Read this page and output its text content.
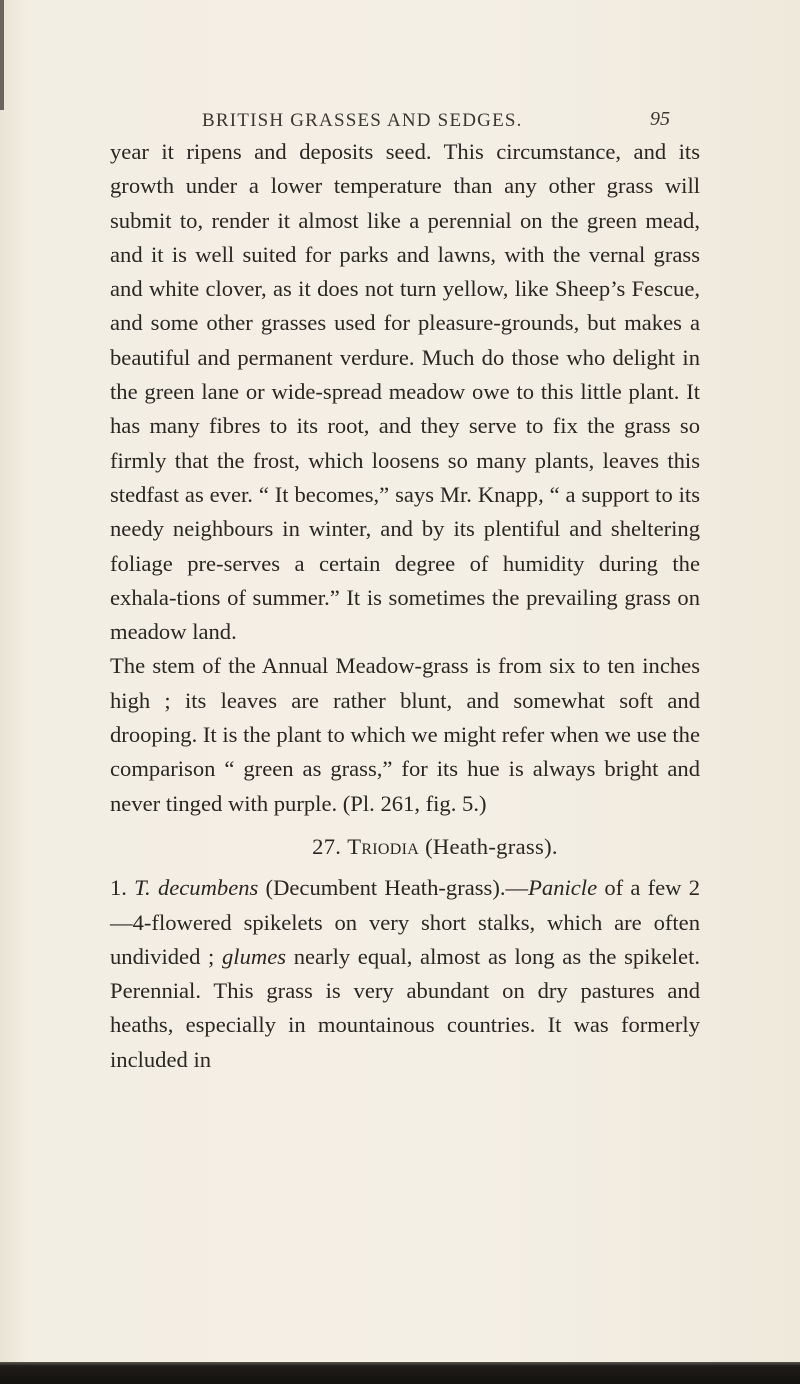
BRITISH GRASSES AND SEDGES.	95

year it ripens and deposits seed. This circumstance, and its growth under a lower temperature than any other grass will submit to, render it almost like a perennial on the green mead, and it is well suited for parks and lawns, with the vernal grass and white clover, as it does not turn yellow, like Sheep’s Fescue, and some other grasses used for pleasure-grounds, but makes a beautiful and permanent verdure. Much do those who delight in the green lane or wide-spread meadow owe to this little plant. It has many fibres to its root, and they serve to fix the grass so firmly that the frost, which loosens so many plants, leaves this stedfast as ever. “ It becomes,” says Mr. Knapp, “ a support to its needy neighbours in winter, and by its plentiful and sheltering foliage pre-serves a certain degree of humidity during the exhala-tions of summer.” It is sometimes the prevailing grass on meadow land.

The stem of the Annual Meadow-grass is from six to ten inches high ; its leaves are rather blunt, and somewhat soft and drooping. It is the plant to which we might refer when we use the comparison “ green as grass,” for its hue is always bright and never tinged with purple. (Pl. 261, fig. 5.)

27. Triodia (Heath-grass).

1. T. decumbens (Decumbent Heath-grass).—Panicle of a few 2—4-flowered spikelets on very short stalks, which are often undivided ; glumes nearly equal, almost as long as the spikelet. Perennial. This grass is very abundant on dry pastures and heaths, especially in mountainous countries. It was formerly included in
